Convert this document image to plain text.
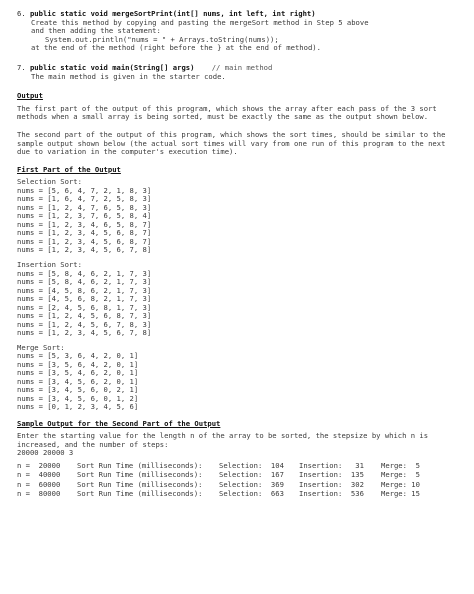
6. public static void mergeSortPrint(int[] nums, int left, int right)
Create this method by copying and pasting the mergeSort method in Step 5 above
and then adding the statement:
System.out.println("nums = " + Arrays.toString(nums));
at the end of the method (right before the } at the end of method).
7. public static void main(String[] args) // main method
The main method is given in the starter code.
Output
The first part of the output of this program, which shows the array after each pass of the 3 sort methods when a small array is being sorted, must be exactly the same as the output shown below.
The second part of the output of this program, which shows the sort times, should be similar to the sample output shown below (the actual sort times will vary from one run of this program to the next due to variation in the computer's execution time).
First Part of the Output
Selection Sort:
nums = [5, 6, 4, 7, 2, 1, 8, 3]
nums = [1, 6, 4, 7, 2, 5, 8, 3]
nums = [1, 2, 4, 7, 6, 5, 8, 3]
nums = [1, 2, 3, 7, 6, 5, 8, 4]
nums = [1, 2, 3, 4, 6, 5, 8, 7]
nums = [1, 2, 3, 4, 5, 6, 8, 7]
nums = [1, 2, 3, 4, 5, 6, 8, 7]
nums = [1, 2, 3, 4, 5, 6, 7, 8]
Insertion Sort:
nums = [5, 8, 4, 6, 2, 1, 7, 3]
nums = [5, 8, 4, 6, 2, 1, 7, 3]
nums = [4, 5, 8, 6, 2, 1, 7, 3]
nums = [4, 5, 6, 8, 2, 1, 7, 3]
nums = [2, 4, 5, 6, 8, 1, 7, 3]
nums = [1, 2, 4, 5, 6, 8, 7, 3]
nums = [1, 2, 4, 5, 6, 7, 8, 3]
nums = [1, 2, 3, 4, 5, 6, 7, 8]
Merge Sort:
nums = [5, 3, 6, 4, 2, 0, 1]
nums = [3, 5, 6, 4, 2, 0, 1]
nums = [3, 5, 4, 6, 2, 0, 1]
nums = [3, 4, 5, 6, 2, 0, 1]
nums = [3, 4, 5, 6, 0, 2, 1]
nums = [3, 4, 5, 6, 0, 1, 2]
nums = [0, 1, 2, 3, 4, 5, 6]
Sample Output for the Second Part of the Output
Enter the starting value for the length n of the array to be sorted, the stepsize by which n is increased, and the number of steps:
20000 20000 3
n =  20000	Sort Run Time (milliseconds):	Selection:  104	Insertion:   31	Merge:  5
n =  40000	Sort Run Time (milliseconds):	Selection:  167	Insertion:  135	Merge:  5
n =  60000	Sort Run Time (milliseconds):	Selection:  369	Insertion:  302	Merge: 10
n =  80000	Sort Run Time (milliseconds):	Selection:  663	Insertion:  536	Merge: 15
